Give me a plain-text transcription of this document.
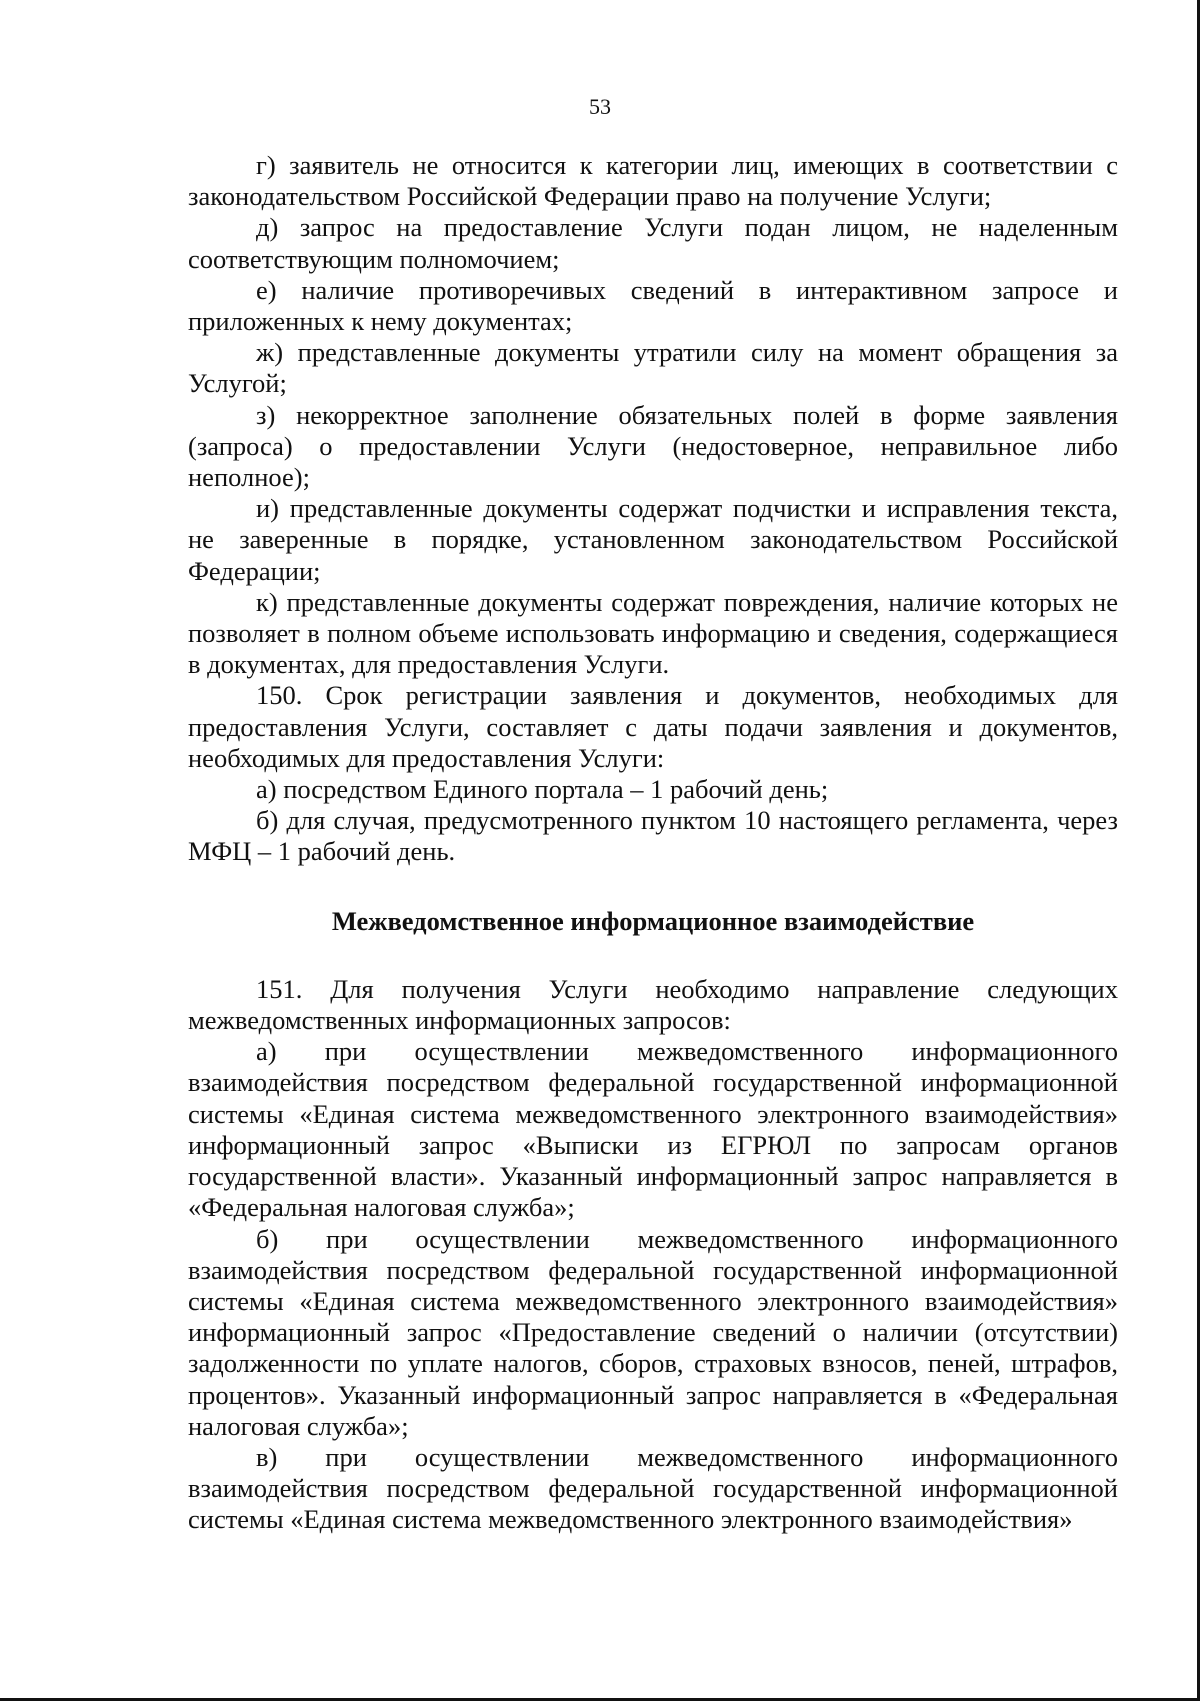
53

г) заявитель не относится к категории лиц, имеющих в соответствии с законодательством Российской Федерации право на получение Услуги;

д) запрос на предоставление Услуги подан лицом, не наделенным соответствующим полномочием;

е) наличие противоречивых сведений в интерактивном запросе и приложенных к нему документах;

ж) представленные документы утратили силу на момент обращения за Услугой;

з) некорректное заполнение обязательных полей в форме заявления (запроса) о предоставлении Услуги (недостоверное, неправильное либо неполное);

и) представленные документы содержат подчистки и исправления текста, не заверенные в порядке, установленном законодательством Российской Федерации;

к) представленные документы содержат повреждения, наличие которых не позволяет в полном объеме использовать информацию и сведения, содержащиеся в документах, для предоставления Услуги.

150. Срок регистрации заявления и документов, необходимых для предоставления Услуги, составляет с даты подачи заявления и документов, необходимых для предоставления Услуги:

а) посредством Единого портала – 1 рабочий день;

б) для случая, предусмотренного пунктом 10 настоящего регламента, через МФЦ – 1 рабочий день.

Межведомственное информационное взаимодействие

151. Для получения Услуги необходимо направление следующих межведомственных информационных запросов:

а) при осуществлении межведомственного информационного взаимодействия посредством федеральной государственной информационной системы «Единая система межведомственного электронного взаимодействия» информационный запрос «Выписки из ЕГРЮЛ по запросам органов государственной власти». Указанный информационный запрос направляется в «Федеральная налоговая служба»;

б) при осуществлении межведомственного информационного взаимодействия посредством федеральной государственной информационной системы «Единая система межведомственного электронного взаимодействия» информационный запрос «Предоставление сведений о наличии (отсутствии) задолженности по уплате налогов, сборов, страховых взносов, пеней, штрафов, процентов». Указанный информационный запрос направляется в «Федеральная налоговая служба»;

в) при осуществлении межведомственного информационного взаимодействия посредством федеральной государственной информационной системы «Единая система межведомственного электронного взаимодействия»
